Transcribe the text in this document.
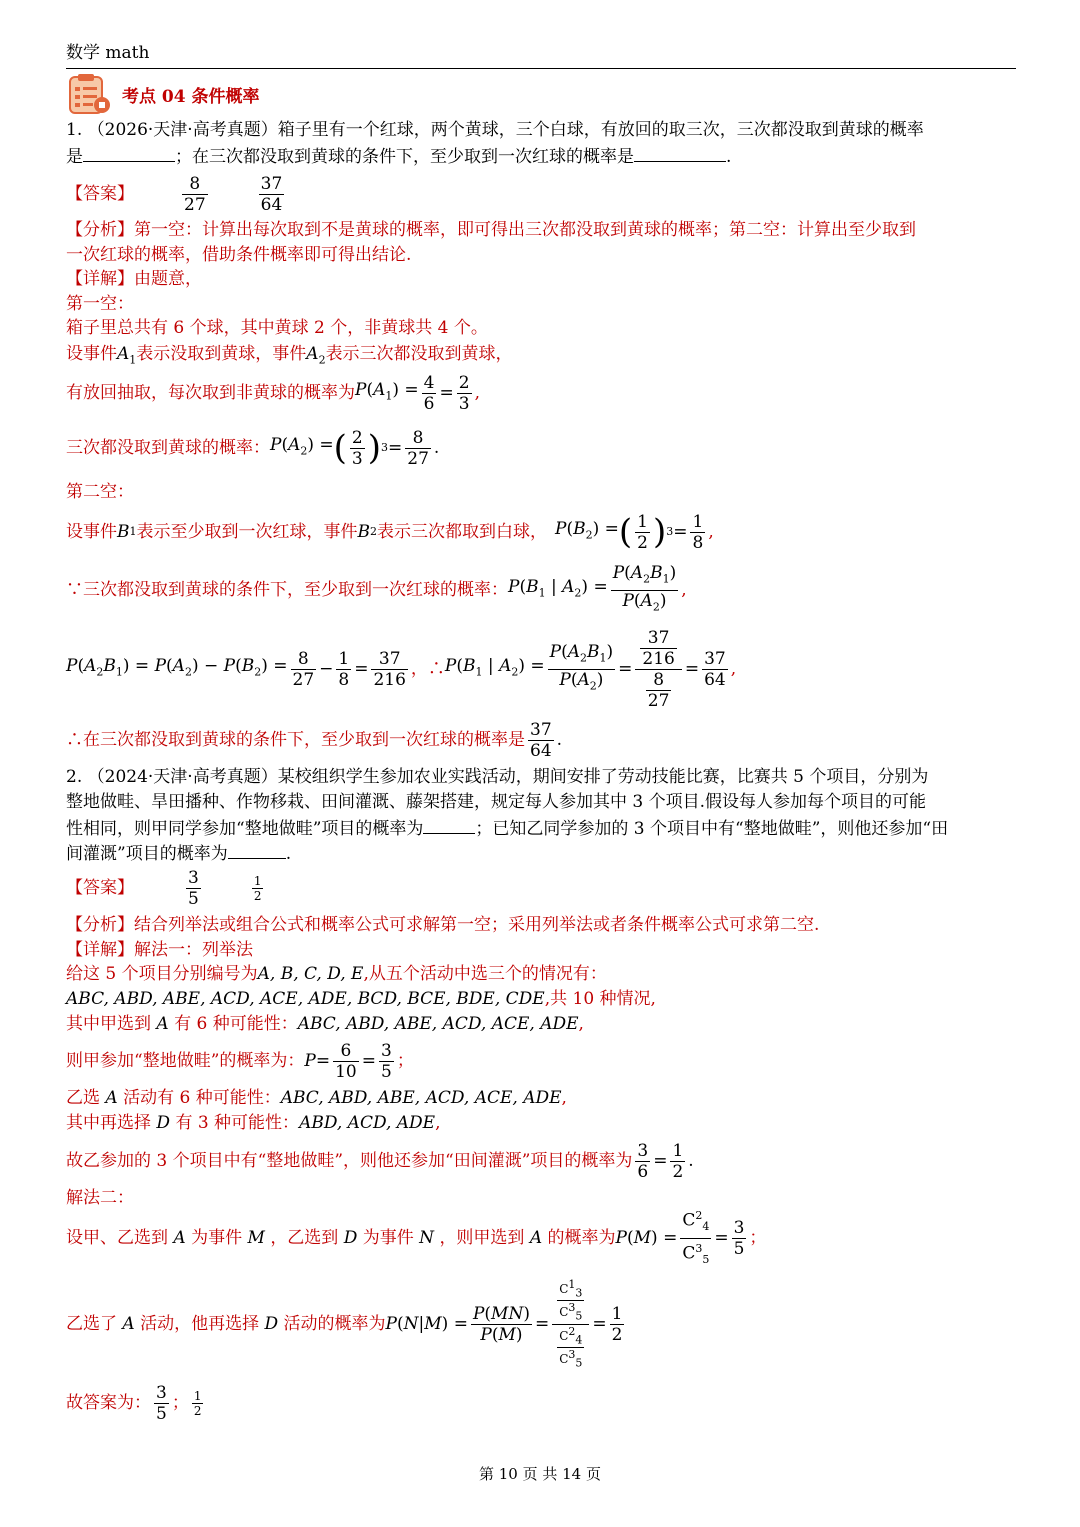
数学 math
考点 04 条件概率
1. （2026·天津·高考真题）箱子里有一个红球，两个黄球，三个白球，有放回的取三次，三次都没取到黄球的概率
是	；在三次都没取到黄球的条件下，至少取到一次红球的概率是	.
【答案】	$\frac{8}{27}$	$\frac{37}{64}$
【分析】第一空：计算出每次取到不是黄球的概率，即可得出三次都没取到黄球的概率；第二空：计算出至少取到
一次红球的概率，借助条件概率即可得出结论.
【详解】由题意，
第一空：
箱子里总共有 6 个球，其中黄球 2 个，非黄球共 4 个。
设事件$A_1$表示没取到黄球，事件$A_2$表示三次都没取到黄球，
有放回抽取，每次取到非黄球的概率为 $P(A_1) = \frac{4}{6} = \frac{2}{3}$ ,
三次都没取到黄球的概率： $P(A_2)$ = ( $\frac{2}{3}$ ) $3 = \frac{8}{27}$ .
第二空：
设事件 B 1 表示至少取到一次红球，事件 B 2 表示三次都取到白球， $P(B_2)$ = ( $\frac{1}{2}$ ) $3 = \frac{1}{8}$ ,
∵三次都没取到黄球的条件下，至少取到一次红球的概率： $P(B_1$ | $A_2) = \frac{P(A_2B_1)}{P(A_2)}$ ,
$P(A_2B_1) = P(A_2) - P(B_2) = \frac{8}{27} - \frac{1}{8} = \frac{37}{216}$ ，∴ $P(B_1$ | $A_2) = \frac{P(A_2B_1)}{P(A_2)} = \frac{\frac{37}{216}}{\frac{8}{27}} = \frac{37}{64}$ ,
∴在三次都没取到黄球的条件下，至少取到一次红球的概率是 $\frac{37}{64}$ .
2. （2024·天津·高考真题）某校组织学生参加农业实践活动，期间安排了劳动技能比赛，比赛共 5 个项目，分别为
整地做畦、旱田播种、作物移栽、田间灌溉、藤架搭建，规定每人参加其中 3 个项目.假设每人参加每个项目的可能
性相同，则甲同学参加“整地做畦”项目的概率为	；已知乙同学参加的 3 个项目中有“整地做畦”，则他还参加“田
间灌溉”项目的概率为	.
【答案】	$\frac{3}{5}$	$\frac{1}{2}$
【分析】结合列举法或组合公式和概率公式可求解第一空；采用列举法或者条件概率公式可求第二空.
【详解】解法一：列举法
给这 5 个项目分别编号为A, B, C, D, E,从五个活动中选三个的情况有：
ABC, ABD, ABE, ACD, ACE, ADE, BCD, BCE, BDE, CDE,共 10 种情况,
其中甲选到 A 有 6 种可能性：ABC, ABD, ABE, ACD, ACE, ADE,
则甲参加“整地做畦”的概率为： $P = \frac{6}{10} = \frac{3}{5}$ ；
乙选 A 活动有 6 种可能性：ABC, ABD, ABE, ACD, ACE, ADE,
其中再选择 D 有 3 种可能性：ABD, ACD, ADE,
故乙参加的 3 个项目中有“整地做畦”，则他还参加“田间灌溉”项目的概率为 $\frac{3}{6} = \frac{1}{2}$ .
解法二：
设甲、乙选到 A 为事件 M ，乙选到 D 为事件 N ，则甲选到 A 的概率为 $P(M) = \frac{C^2_4}{C^3_5} = \frac{3}{5}$ ；
乙选了 A 活动，他再选择 D 活动的概率为 $P(N|M) = \frac{P(MN)}{P(M)} = \frac{\frac{C^1_3}{C^3_5}}{\frac{C^2_4}{C^3_5}} = \frac{1}{2}$
故答案为： $\frac{3}{5}$ ； $\frac{1}{2}$
第 10 页 共 14 页
